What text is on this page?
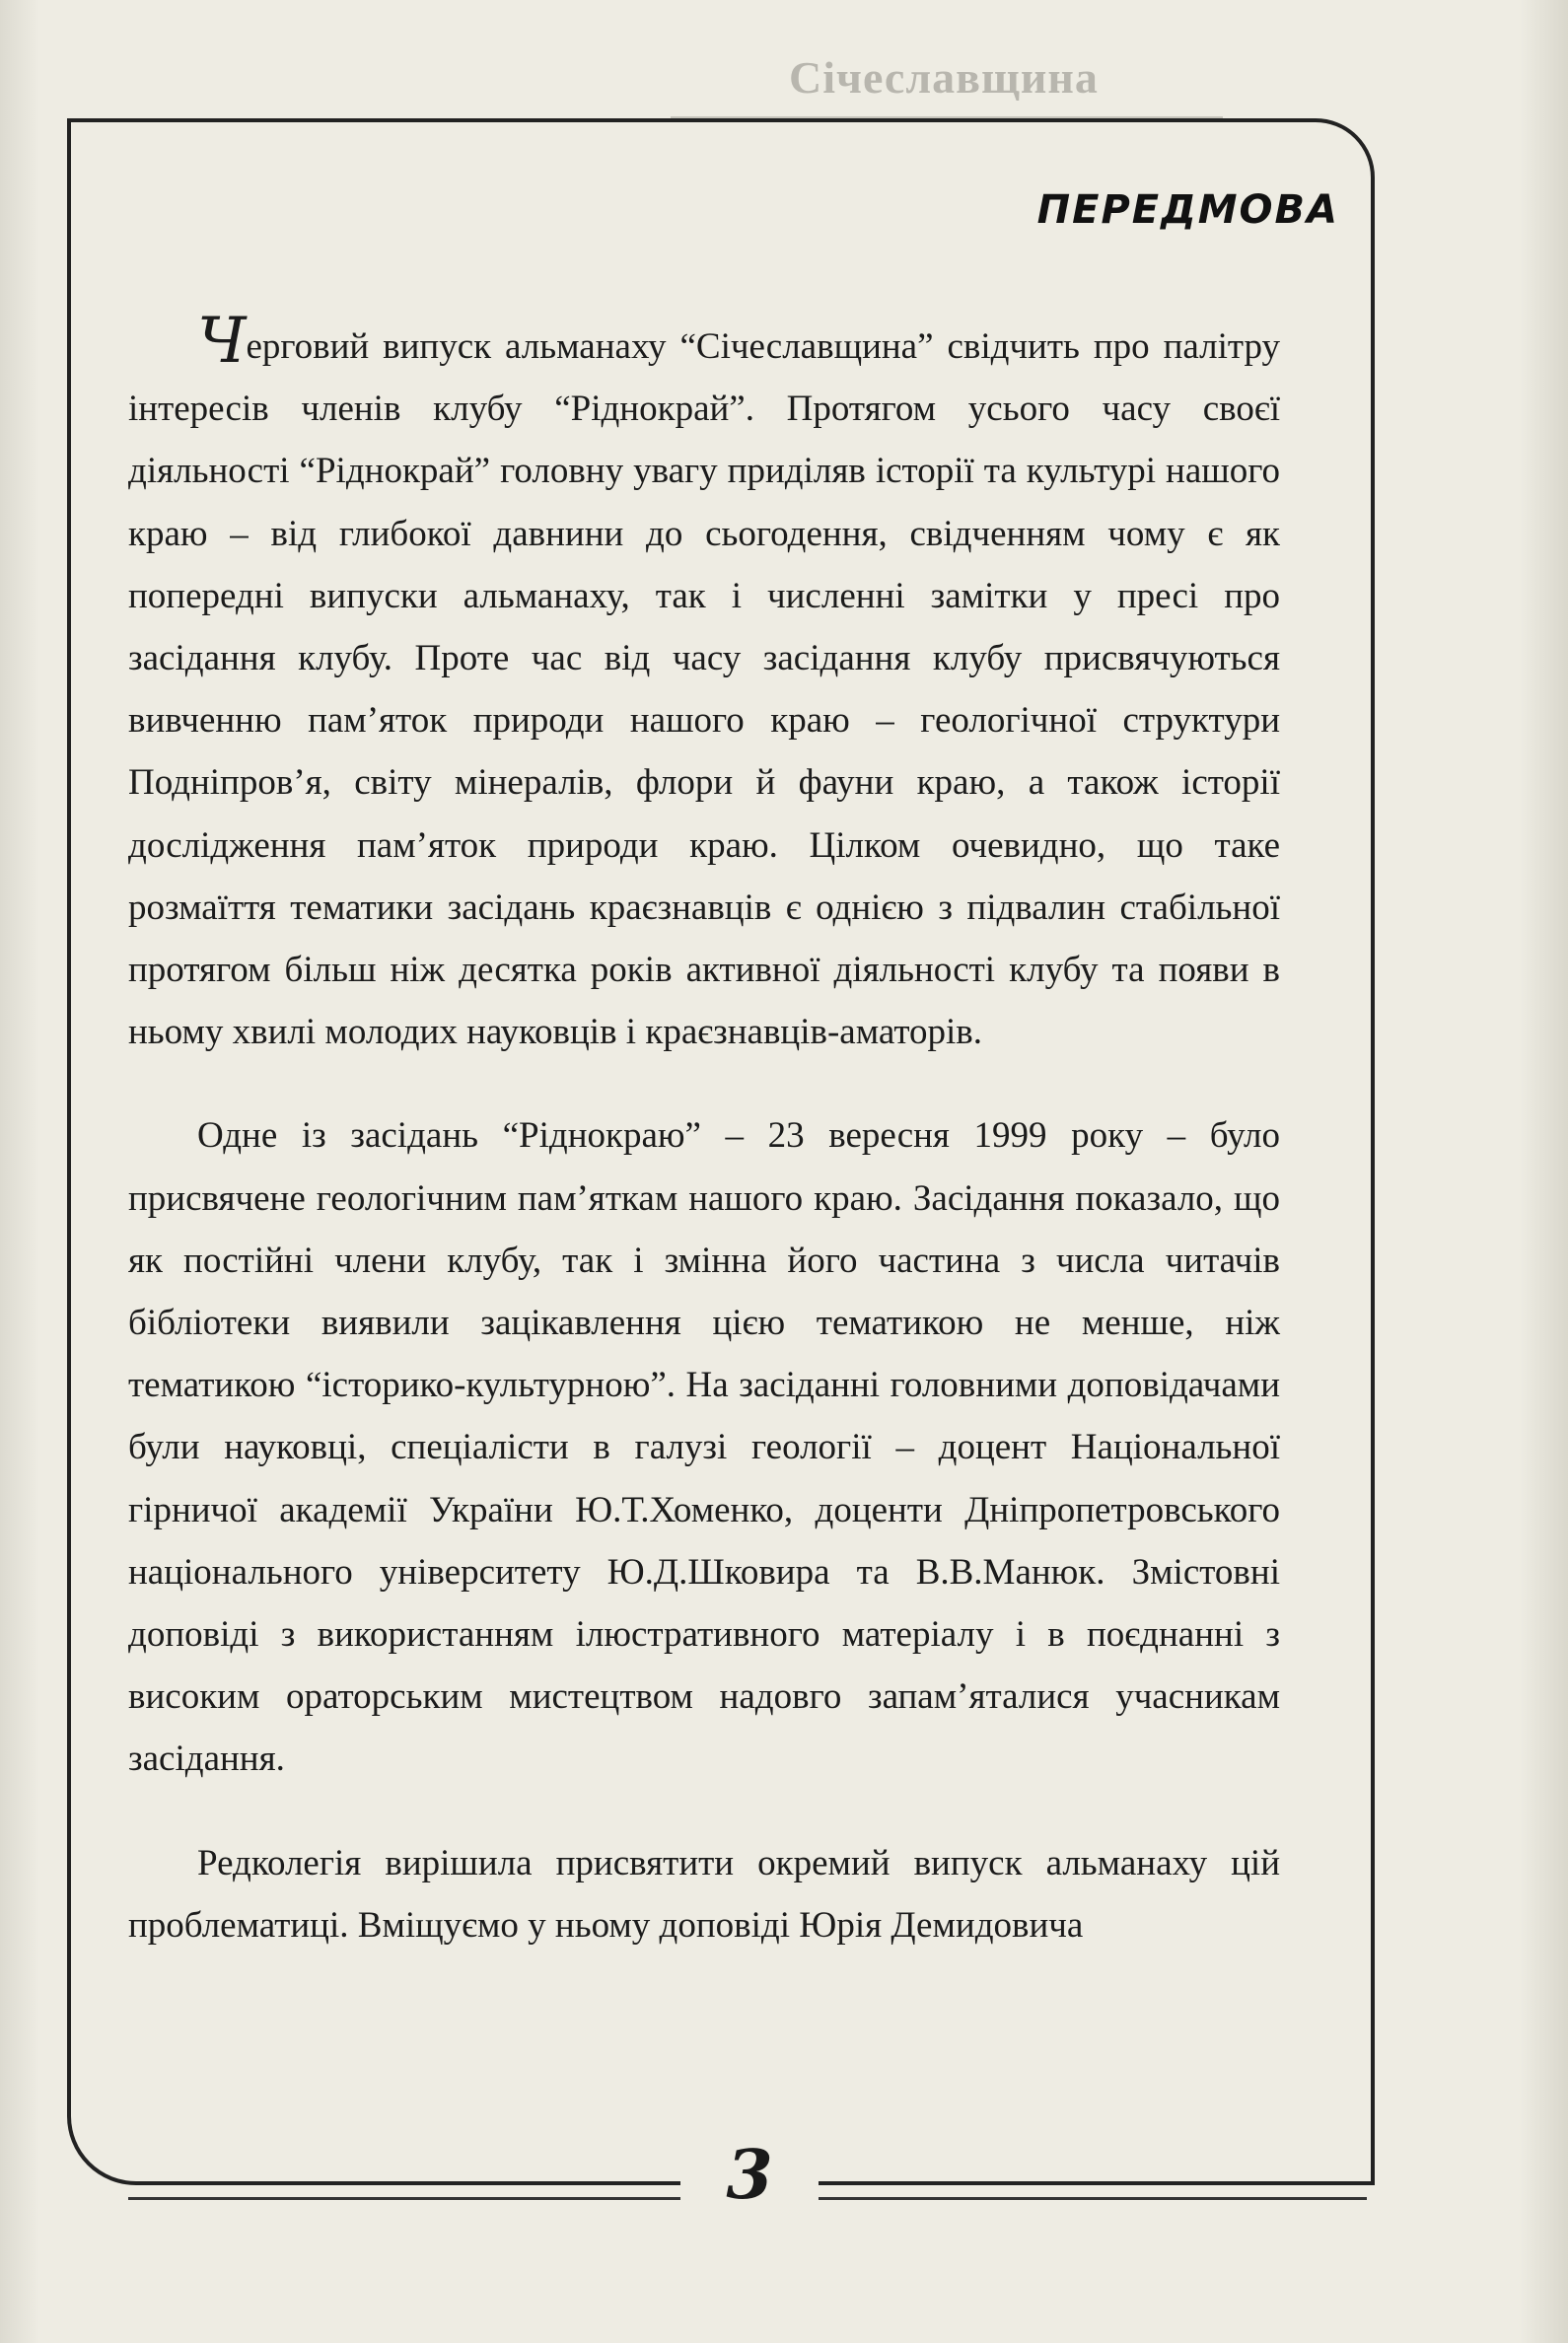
Січеславщина
3
ПЕРЕДМОВА

Черговий випуск альманаху “Січеславщина” свідчить про палітру інтересів членів клубу “Ріднокрай”. Протягом усього часу своєї діяльності “Ріднокрай” головну увагу приділяв історії та культурі нашого краю – від глибокої давнини до сьогодення, свідченням чому є як попередні випуски альманаху, так і численні замітки у пресі про засідання клубу. Проте час від часу засідання клубу присвячуються вивченню пам’яток природи нашого краю – геологічної структури Подніпров’я, світу мінералів, флори й фауни краю, а також історії дослідження пам’яток природи краю. Цілком очевидно, що таке розмаїття тематики засідань краєзнавців є однією з підвалин стабільної протягом більш ніж десятка років активної діяльності клубу та появи в ньому хвилі молодих науковців і краєзнавців-аматорів.

Одне із засідань “Ріднокраю” – 23 вересня 1999 року – було присвячене геологічним пам’яткам нашого краю. Засідання показало, що як постійні члени клубу, так і змінна його частина з числа читачів бібліотеки виявили зацікавлення цією тематикою не менше, ніж тематикою “історико-культурною”. На засіданні головними доповідачами були науковці, спеціалісти в галузі геології – доцент Національної гірничої академії України Ю.Т.Хоменко, доценти Дніпропетровського національного університету Ю.Д.Шковира та В.В.Манюк. Змістовні доповіді з використанням ілюстративного матеріалу і в поєднанні з високим ораторським мистецтвом надовго запам’яталися учасникам засідання.

Редколегія вирішила присвятити окремий випуск альманаху цій проблематиці. Вміщуємо у ньому доповіді Юрія Демидовича
